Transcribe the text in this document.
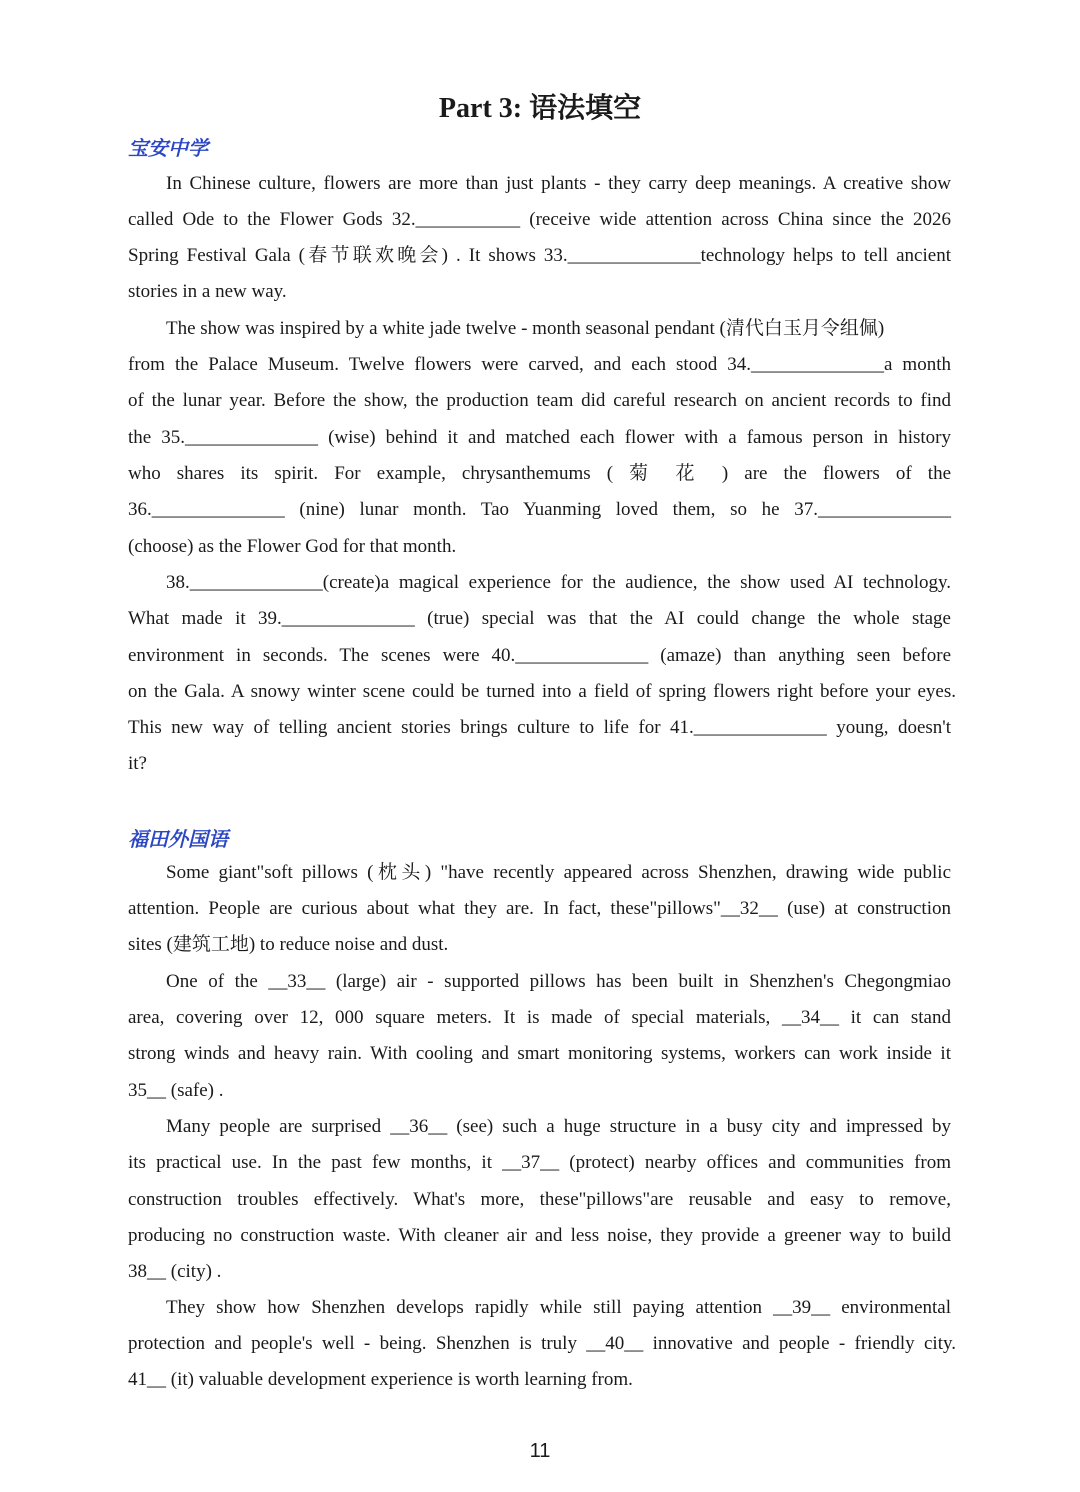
Part 3: 语法填空
宝安中学
In Chinese culture, flowers are more than just plants - they carry deep meanings. A creative show
called Ode to the Flower Gods 32.___________ (receive wide attention across China since the 2026
Spring Festival Gala (春节联欢晚会) . It shows 33.______________technology helps to tell ancient
stories in a new way.
The show was inspired by a white jade twelve - month seasonal pendant (清代白玉月令组佩)
from the Palace Museum. Twelve flowers were carved, and each stood 34.______________a month
of the lunar year. Before the show, the production team did careful research on ancient records to find
the 35.______________ (wise) behind it and matched each flower with a famous person in history
who shares its spirit. For example, chrysanthemums ( 菊 花 ) are the flowers of the
36.______________ (nine) lunar month. Tao Yuanming loved them, so he 37.______________
(choose) as the Flower God for that month.
38.______________(create)a magical experience for the audience, the show used AI technology.
What made it 39.______________ (true) special was that the AI could change the whole stage
environment in seconds. The scenes were 40.______________ (amaze) than anything seen before
on the Gala. A snowy winter scene could be turned into a field of spring flowers right before your eyes.
This new way of telling ancient stories brings culture to life for 41.______________ young, doesn't
it?
福田外国语
Some giant"soft pillows (枕头) "have recently appeared across Shenzhen, drawing wide public
attention. People are curious about what they are. In fact, these"pillows"__32__ (use) at construction
sites (建筑工地) to reduce noise and dust.
One of the __33__ (large) air - supported pillows has been built in Shenzhen's Chegongmiao
area, covering over 12, 000 square meters. It is made of special materials, __34__ it can stand
strong winds and heavy rain. With cooling and smart monitoring systems, workers can work inside it
35__ (safe) .
Many people are surprised __36__ (see) such a huge structure in a busy city and impressed by
its practical use. In the past few months, it __37__ (protect) nearby offices and communities from
construction troubles effectively. What's more, these"pillows"are reusable and easy to remove,
producing no construction waste. With cleaner air and less noise, they provide a greener way to build
38__ (city) .
They show how Shenzhen develops rapidly while still paying attention __39__ environmental
protection and people's well - being. Shenzhen is truly __40__ innovative and people - friendly city.
41__ (it) valuable development experience is worth learning from.
11
